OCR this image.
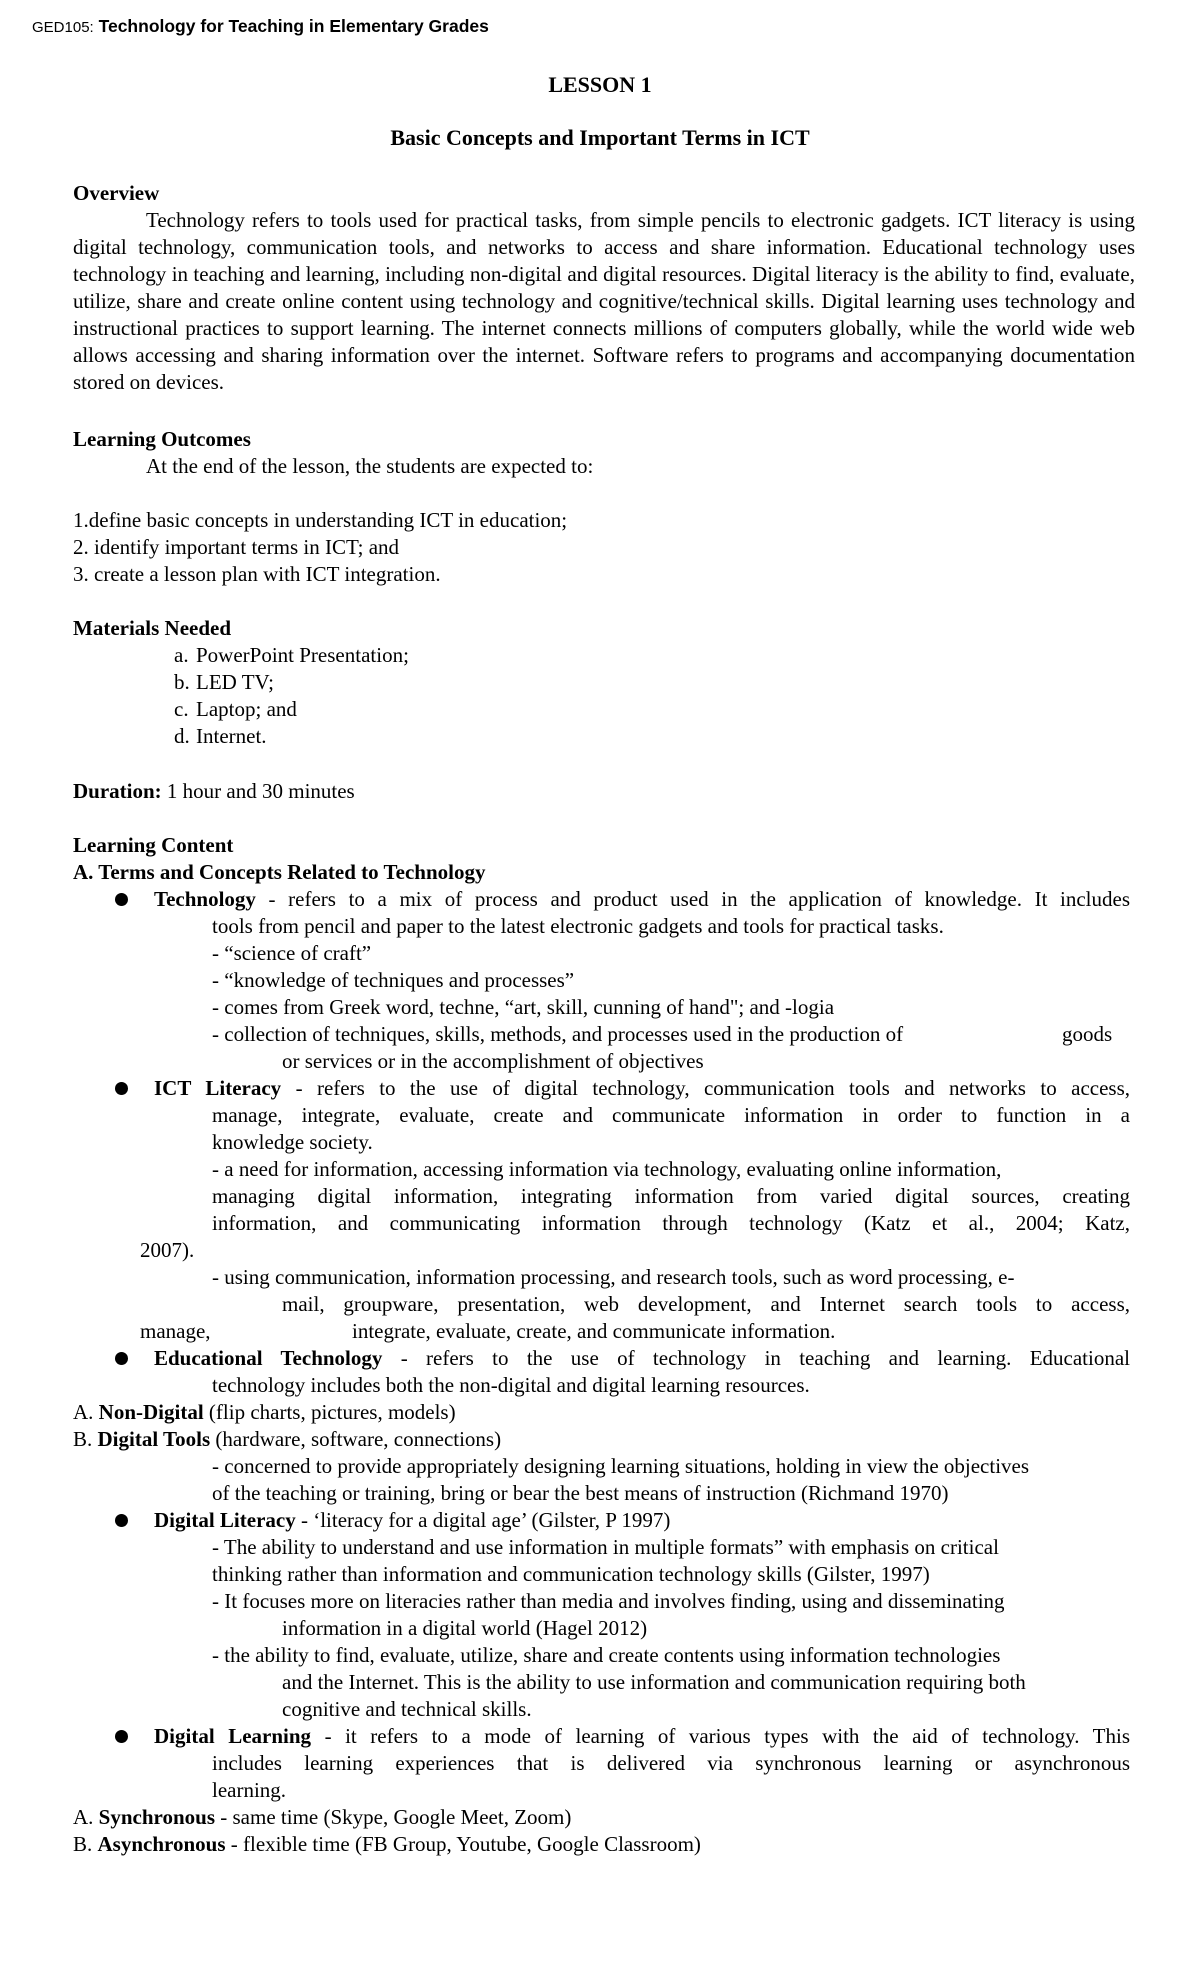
GED105: Technology for Teaching in Elementary Grades
LESSON 1
Basic Concepts and Important Terms in ICT
Overview
Technology refers to tools used for practical tasks, from simple pencils to electronic gadgets. ICT literacy is using digital technology, communication tools, and networks to access and share information. Educational technology uses technology in teaching and learning, including non-digital and digital resources. Digital literacy is the ability to find, evaluate, utilize, share and create online content using technology and cognitive/technical skills. Digital learning uses technology and instructional practices to support learning. The internet connects millions of computers globally, while the world wide web allows accessing and sharing information over the internet. Software refers to programs and accompanying documentation stored on devices.
Learning Outcomes
At the end of the lesson, the students are expected to:
1.define basic concepts in understanding ICT in education;
2. identify important terms in ICT; and
3. create a lesson plan with ICT integration.
Materials Needed
a. PowerPoint Presentation;
b. LED TV;
c. Laptop; and
d. Internet.
Duration: 1 hour and 30 minutes
Learning Content
A. Terms and Concepts Related to Technology
Technology - refers to a mix of process and product used in the application of knowledge. It includes
tools from pencil and paper to the latest electronic gadgets and tools for practical tasks.
- “science of craft”
- “knowledge of techniques and processes”
- comes from Greek word, techne, “art, skill, cunning of hand"; and -logia
- collection of techniques, skills, methods, and processes used in the production of	goods
or services or in the accomplishment of objectives
ICT Literacy - refers to the use of digital technology, communication tools and networks to access,
manage, integrate, evaluate, create and communicate information in order to function in a
knowledge society.
- a need for information, accessing information via technology, evaluating online information,
managing digital information, integrating information from varied digital sources, creating
information, and communicating information through technology (Katz et al., 2004; Katz,
2007).
- using communication, information processing, and research tools, such as word processing, e-
mail, groupware, presentation, web development, and Internet search tools to access,
manage,	integrate, evaluate, create, and communicate information.
Educational Technology - refers to the use of technology in teaching and learning. Educational
technology includes both the non-digital and digital learning resources.
A. Non-Digital (flip charts, pictures, models)
B. Digital Tools (hardware, software, connections)
- concerned to provide appropriately designing learning situations, holding in view the objectives
of the teaching or training, bring or bear the best means of instruction (Richmand 1970)
Digital Literacy - ‘literacy for a digital age’ (Gilster, P 1997)
- The ability to understand and use information in multiple formats” with emphasis on critical
thinking rather than information and communication technology skills (Gilster, 1997)
- It focuses more on literacies rather than media and involves finding, using and disseminating
information in a digital world (Hagel 2012)
- the ability to find, evaluate, utilize, share and create contents using information technologies
and the Internet. This is the ability to use information and communication requiring both
cognitive and technical skills.
Digital Learning - it refers to a mode of learning of various types with the aid of technology. This
includes learning experiences that is delivered via synchronous learning or asynchronous
learning.
A. Synchronous - same time (Skype, Google Meet, Zoom)
B. Asynchronous - flexible time (FB Group, Youtube, Google Classroom)
